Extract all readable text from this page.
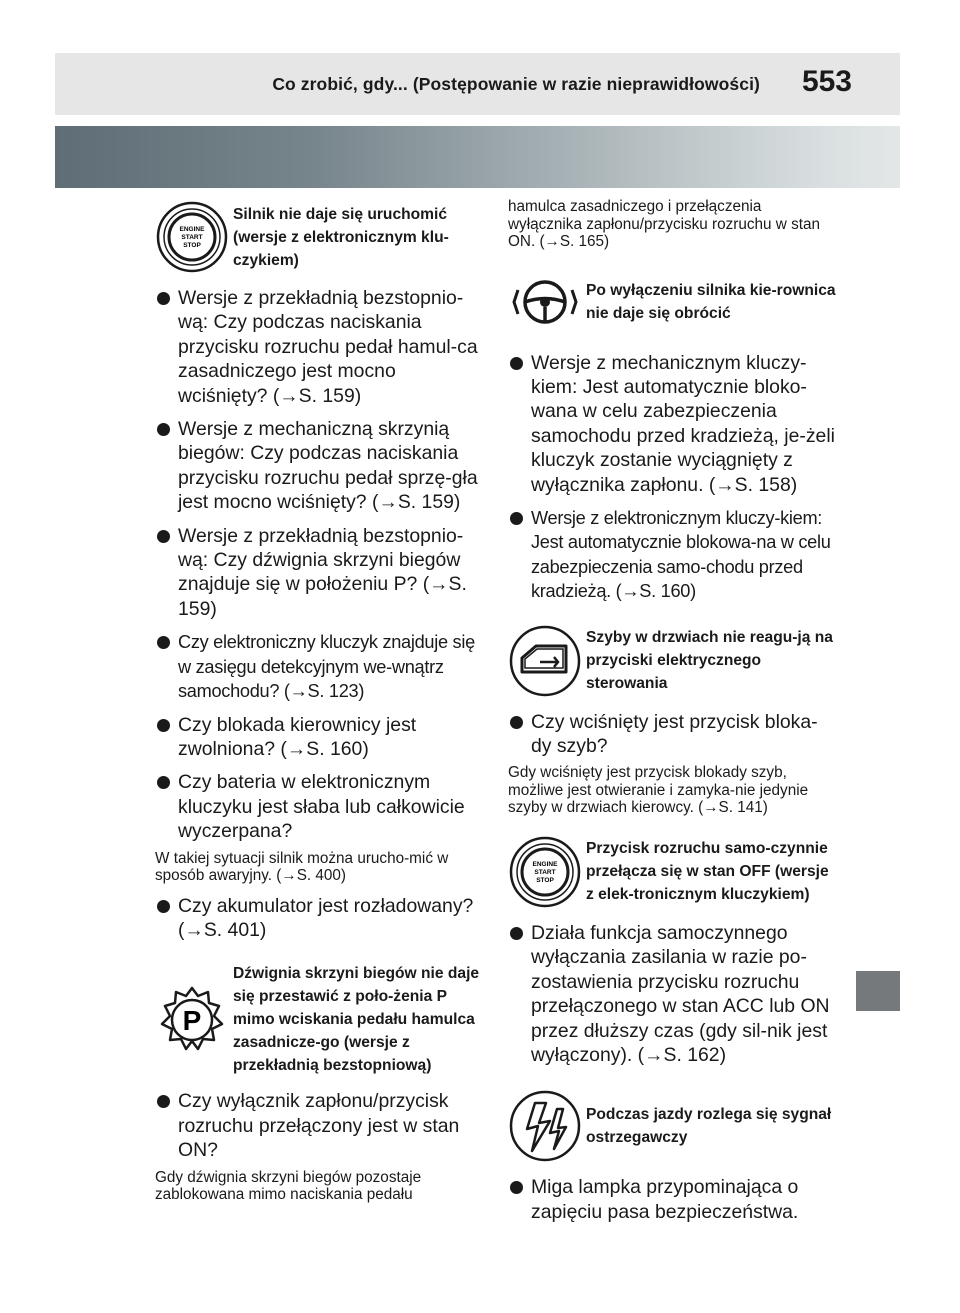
Co zrobić, gdy... (Postępowanie w razie nieprawidłowości) 553
ENGINE
START
STOP

Silnik nie daje się uruchomić (wersje z elektronicznym klu-czykiem)

Wersje z przekładnią bezstopnio-wą: Czy podczas naciskania przycisku rozruchu pedał hamul-ca zasadniczego jest mocno wciśnięty? (→S. 159)
Wersje z mechaniczną skrzynią biegów: Czy podczas naciskania przycisku rozruchu pedał sprzę-gła jest mocno wciśnięty? (→S. 159)
Wersje z przekładnią bezstopnio-wą: Czy dźwignia skrzyni biegów znajduje się w położeniu P? (→S. 159)
Czy elektroniczny kluczyk znajduje się w zasięgu detekcyjnym we-wnątrz samochodu? (→S. 123)
Czy blokada kierownicy jest zwolniona? (→S. 160)
Czy bateria w elektronicznym kluczyku jest słaba lub całkowicie wyczerpana?

W takiej sytuacji silnik można urucho-mić w sposób awaryjny. (→S. 400)

Czy akumulator jest rozładowany? (→S. 401)
P

Dźwignia skrzyni biegów nie daje się przestawić z poło-żenia P mimo wciskania pedału hamulca zasadnicze-go (wersje z przekładnią bezstopniową)

Czy wyłącznik zapłonu/przycisk rozruchu przełączony jest w stan ON?

Gdy dźwignia skrzyni biegów pozostaje zablokowana mimo naciskania pedału

hamulca zasadniczego i przełączenia wyłącznika zapłonu/przycisku rozruchu w stan ON. (→S. 165)

Po wyłączeniu silnika kie-rownica nie daje się obrócić

Wersje z mechanicznym kluczy-kiem: Jest automatycznie bloko-wana w celu zabezpieczenia samochodu przed kradzieżą, je-żeli kluczyk zostanie wyciągnięty z wyłącznika zapłonu. (→S. 158)
Wersje z elektronicznym kluczy-kiem: Jest automatycznie blokowa-na w celu zabezpieczenia samo-chodu przed kradzieżą. (→S. 160)

Szyby w drzwiach nie reagu-ją na przyciski elektrycznego sterowania

Czy wciśnięty jest przycisk bloka-dy szyb?

Gdy wciśnięty jest przycisk blokady szyb, możliwe jest otwieranie i zamyka-nie jedynie szyby w drzwiach kierowcy. (→S. 141)

ENGINE
START
STOP

Przycisk rozruchu samo-czynnie przełącza się w stan OFF (wersje z elek-tronicznym kluczykiem)

Działa funkcja samoczynnego wyłączania zasilania w razie po-zostawienia przycisku rozruchu przełączonego w stan ACC lub ON przez dłuższy czas (gdy sil-nik jest wyłączony). (→S. 162)

Podczas jazdy rozlega się sygnał ostrzegawczy

Miga lampka przypominająca o zapięciu pasa bezpieczeństwa.
